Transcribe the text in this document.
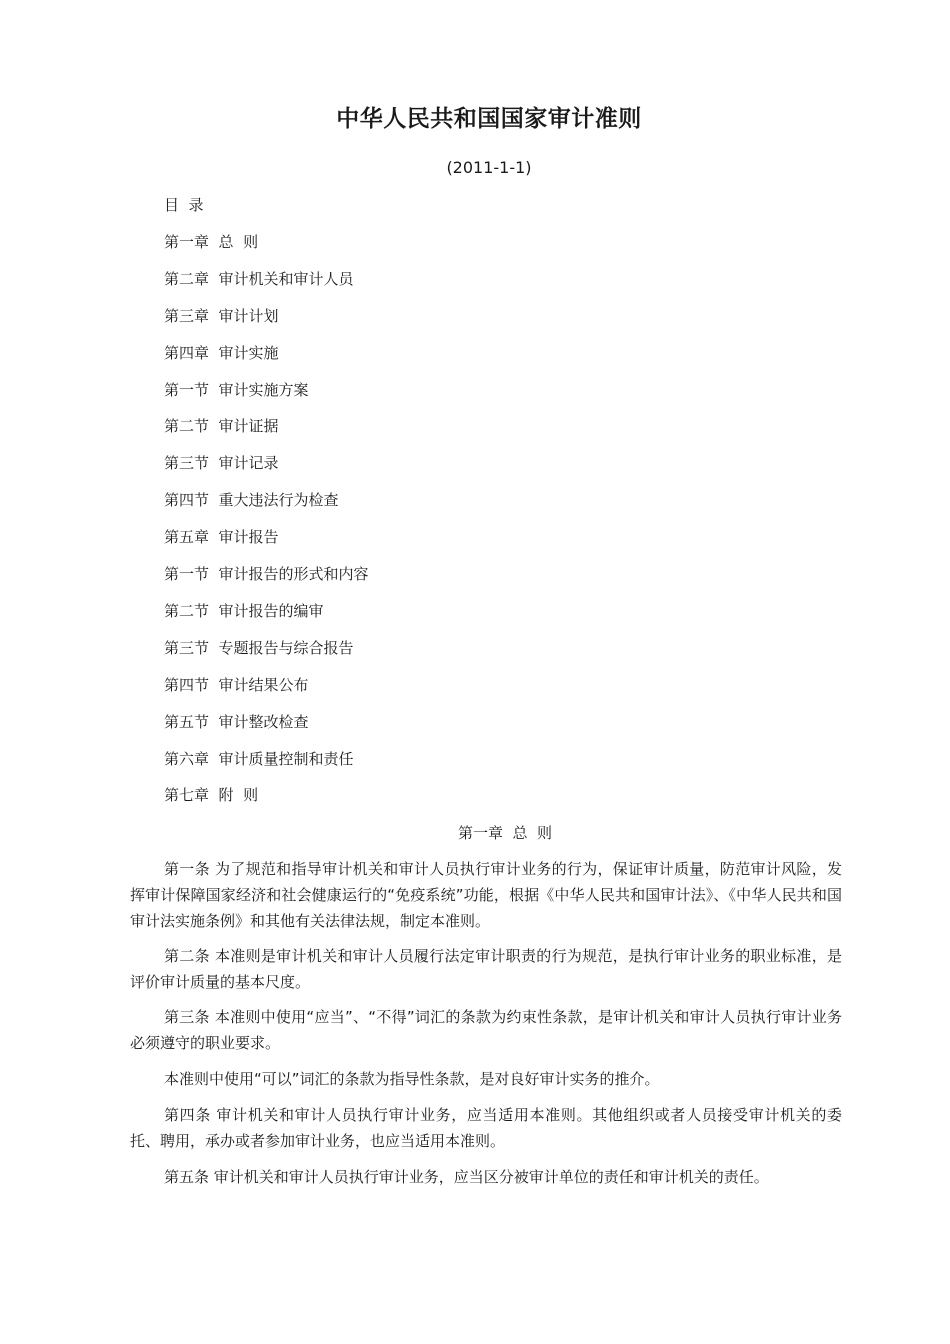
中华人民共和国国家审计准则
(2011-1-1)
目  录
第一章  总  则
第二章  审计机关和审计人员
第三章  审计计划
第四章  审计实施
第一节  审计实施方案
第二节  审计证据
第三节  审计记录
第四节  重大违法行为检查
第五章  审计报告
第一节  审计报告的形式和内容
第二节  审计报告的编审
第三节  专题报告与综合报告
第四节  审计结果公布
第五节  审计整改检查
第六章  审计质量控制和责任
第七章  附  则
第一章  总  则
第一条 为了规范和指导审计机关和审计人员执行审计业务的行为，保证审计质量，防范审计风险，发挥审计保障国家经济和社会健康运行的“免疫系统”功能，根据《中华人民共和国审计法》、《中华人民共和国审计法实施条例》和其他有关法律法规，制定本准则。
第二条 本准则是审计机关和审计人员履行法定审计职责的行为规范，是执行审计业务的职业标准，是评价审计质量的基本尺度。
第三条 本准则中使用“应当”、“不得”词汇的条款为约束性条款，是审计机关和审计人员执行审计业务必须遵守的职业要求。
本准则中使用“可以”词汇的条款为指导性条款，是对良好审计实务的推介。
第四条 审计机关和审计人员执行审计业务，应当适用本准则。其他组织或者人员接受审计机关的委托、聘用，承办或者参加审计业务，也应当适用本准则。
第五条 审计机关和审计人员执行审计业务，应当区分被审计单位的责任和审计机关的责任。
